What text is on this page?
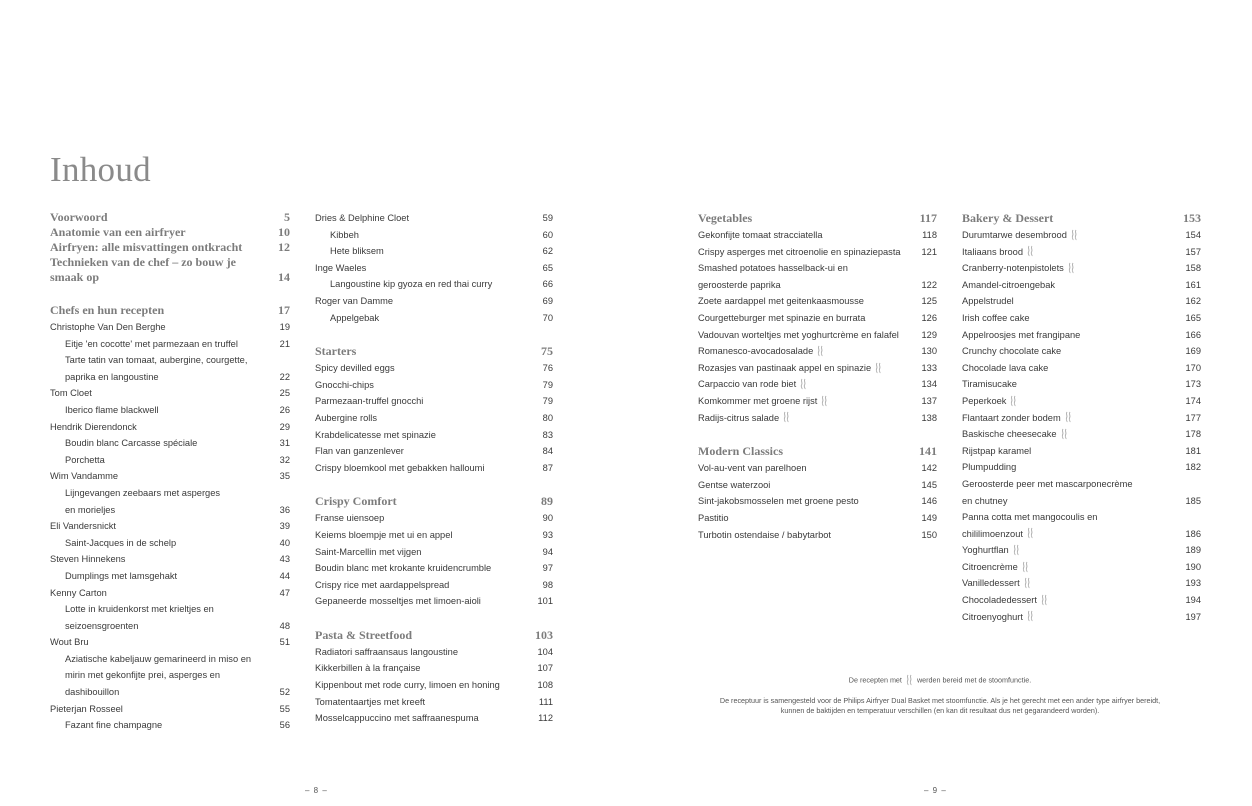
Inhoud
Voorwoord	5
Anatomie van een airfryer	10
Airfryen: alle misvattingen ontkracht	12
Technieken van de chef – zo bouw je
smaak op	14
Chefs en hun recepten	17
Christophe Van Den Berghe	19
Eitje 'en cocotte' met parmezaan en truffel	21
Tarte tatin van tomaat, aubergine, courgette,
paprika en langoustine	22
Tom Cloet	25
Iberico flame blackwell	26
Hendrik Dierendonck	29
Boudin blanc Carcasse spéciale	31
Porchetta	32
Wim Vandamme	35
Lijngevangen zeebaars met asperges
en morieljes	36
Eli Vandersnickt	39
Saint-Jacques in de schelp	40
Steven Hinnekens	43
Dumplings met lamsgehakt	44
Kenny Carton	47
Lotte in kruidenkorst met krieltjes en
seizoensgroenten	48
Wout Bru	51
Aziatische kabeljauw gemarineerd in miso en
mirin met gekonfijte prei, asperges en
dashibouillon	52
Pieterjan Rosseel	55
Fazant fine champagne	56
Dries & Delphine Cloet	59
Kibbeh	60
Hete bliksem	62
Inge Waeles	65
Langoustine kip gyoza en red thai curry	66
Roger van Damme	69
Appelgebak	70
Starters	75
Spicy devilled eggs	76
Gnocchi-chips	79
Parmezaan-truffel gnocchi	79
Aubergine rolls	80
Krabdelicatesse met spinazie	83
Flan van ganzenlever	84
Crispy bloemkool met gebakken halloumi	87
Crispy Comfort	89
Franse uiensoep	90
Keiems bloempje met ui en appel	93
Saint-Marcellin met vijgen	94
Boudin blanc met krokante kruidencrumble	97
Crispy rice met aardappelspread	98
Gepaneerde mosseltjes met limoen-aioli	101
Pasta & Streetfood	103
Radiatori saffraansaus langoustine	104
Kikkerbillen à la française	107
Kippenbout met rode curry, limoen en honing	108
Tomatentaartjes met kreeft	111
Mosselcappuccino met saffraanespuma	112
Vegetables	117
Gekonfijte tomaat stracciatella	118
Crispy asperges met citroenolie en spinaziepasta 121
Smashed potatoes hasselback-ui en
geroosterde paprika	122
Zoete aardappel met geitenkaasmousse	125
Courgetteburger met spinazie en burrata	126
Vadouvan worteltjes met yoghurtcrème en falafel 129
Romanesco-avocadosalade	130
Rozasjes van pastinaak appel en spinazie	133
Carpaccio van rode biet	134
Komkommer met groene rijst	137
Radijs-citrus salade	138
Modern Classics	141
Vol-au-vent van parelhoen	142
Gentse waterzooi	145
Sint-jakobsmosselen met groene pesto	146
Pastitio	149
Turbotin ostendaise / babytarbot	150
Bakery & Dessert	153
Durumtarwe desembrood	154
Italiaans brood	157
Cranberry-notenpistolets	158
Amandel-citroengebak	161
Appelstrudel	162
Irish coffee cake	165
Appelroosjes met frangipane	166
Crunchy chocolate cake	169
Chocolade lava cake	170
Tiramisucake	173
Peperkoek	174
Flantaart zonder bodem	177
Baskische cheesecake	178
Rijstpap karamel	181
Plumpudding	182
Geroosterde peer met mascarponecrème
en chutney	185
Panna cotta met mangocoulis en
chililimoenzout	186
Yoghurtflan	189
Citroencrème	190
Vanilledessert	193
Chocoladedessert	194
Citroenyoghurt	197
De recepten met werden bereid met de stoomfunctie.
De receptuur is samengesteld voor de Philips Airfryer Dual Basket met stoomfunctie. Als je het gerecht met een ander type airfryer bereidt,
kunnen de baktijden en temperatuur verschillen (en kan dit resultaat dus net gegarandeerd worden).
– 8 –	– 9 –
